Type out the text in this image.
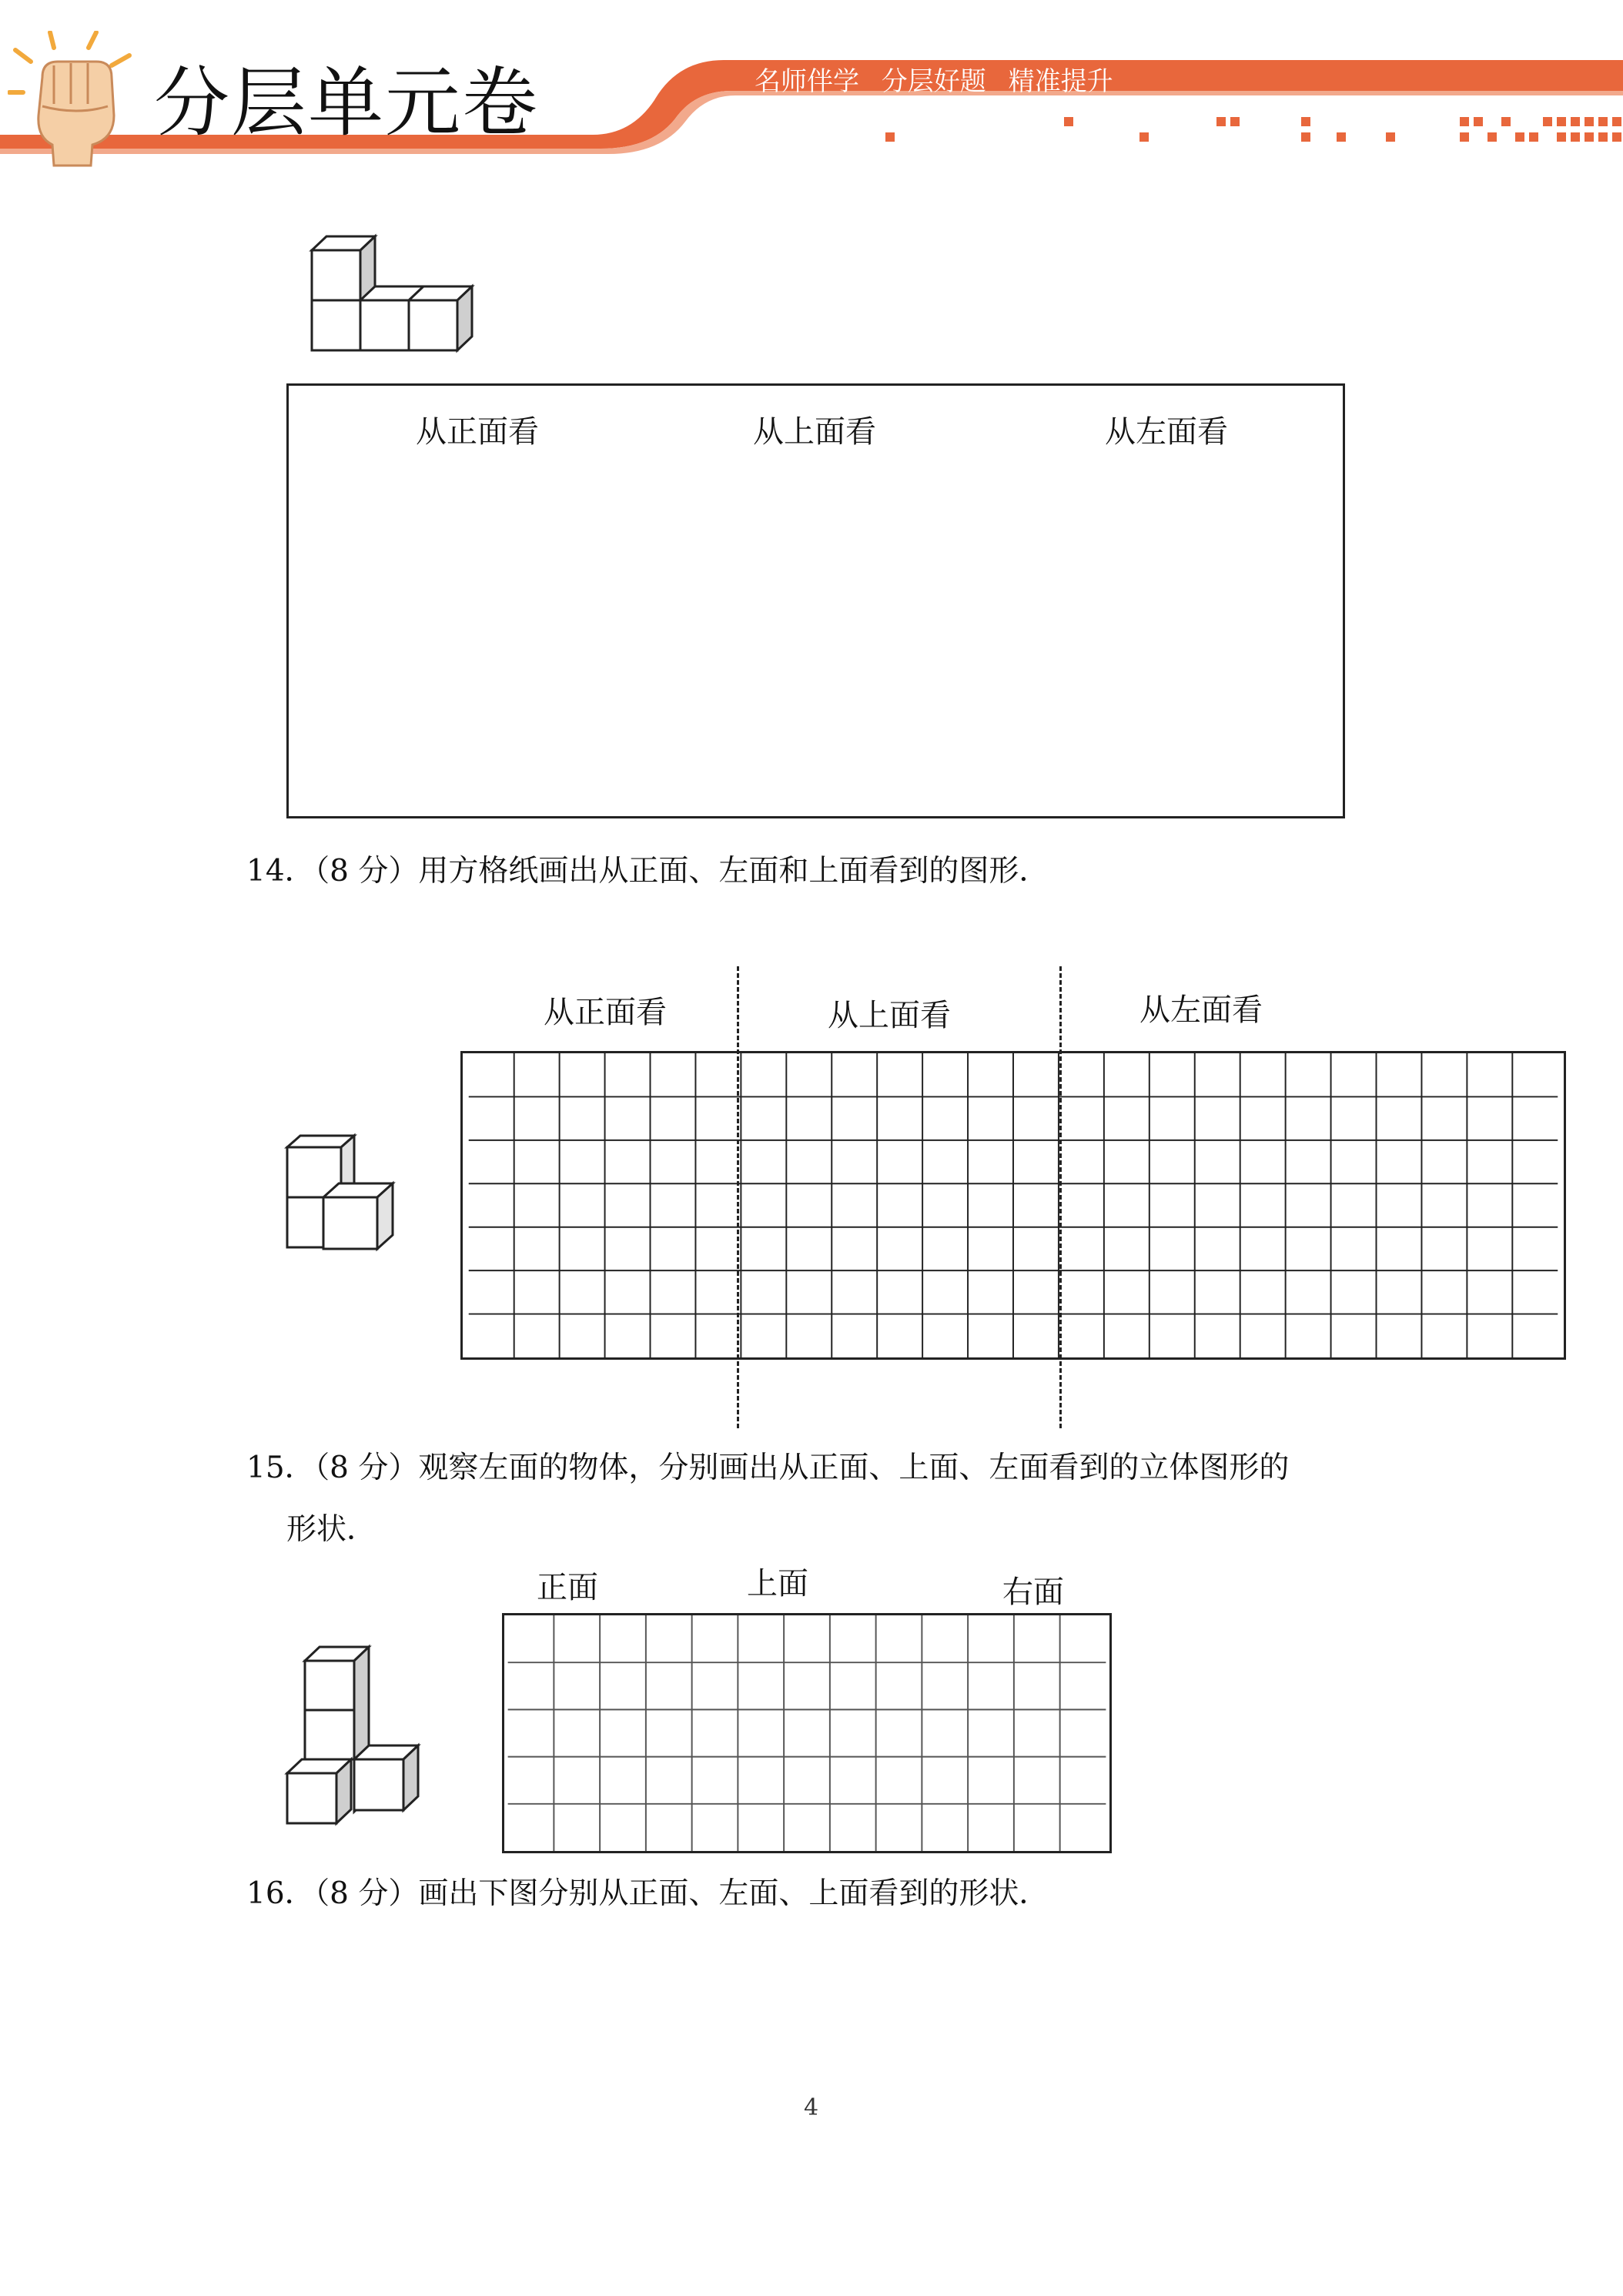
分层单元卷	名师伴学 分层好题 精准提升
从正面看	从上面看	从左面看
14．（8 分）用方格纸画出从正面、左面和上面看到的图形．
从正面看	从上面看	从左面看
15．（8 分）观察左面的物体，分别画出从正面、上面、左面看到的立体图形的
形状．
正面	上面	右面
16．（8 分）画出下图分别从正面、左面、上面看到的形状．
4
